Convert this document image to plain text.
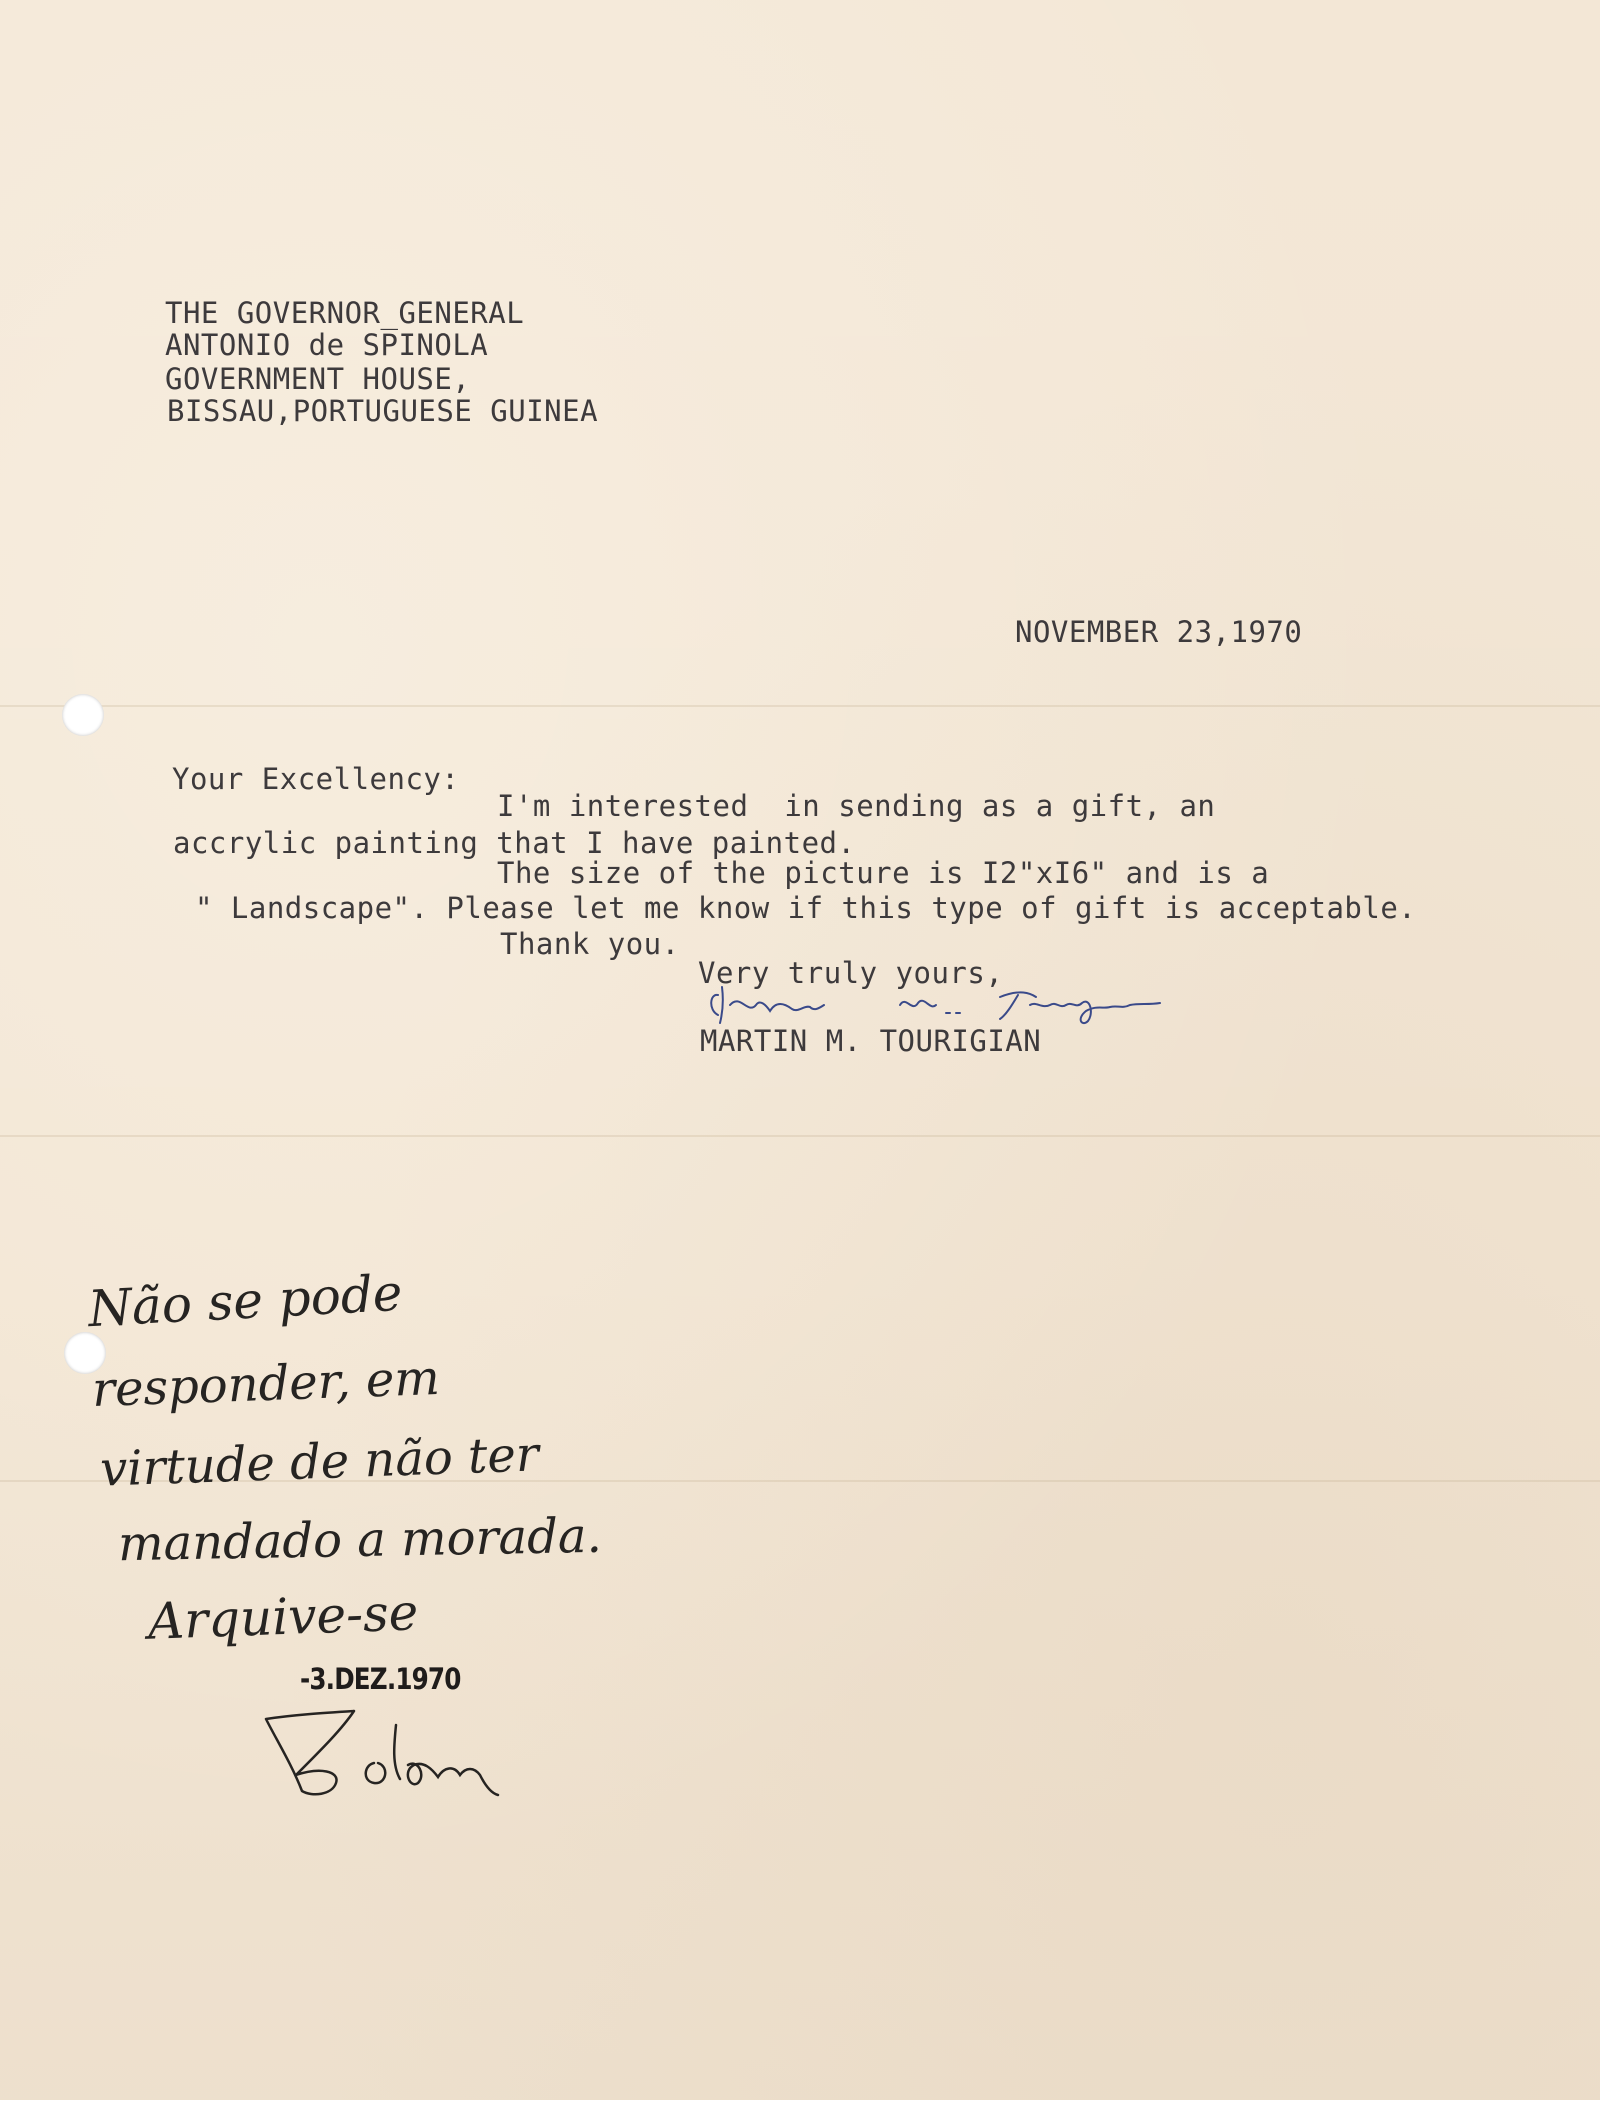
THE GOVERNOR_GENERAL
ANTONIO de SPINOLA
GOVERNMENT HOUSE,
BISSAU,PORTUGUESE GUINEA
NOVEMBER 23,1970
Your Excellency:
I'm interested  in sending as a gift, an
accrylic painting that I have painted.
The size of the picture is I2"xI6" and is a
" Landscape". Please let me know if this type of gift is acceptable.
Thank you.
Very truly yours,
MARTIN M. TOURIGIAN
Não se pode
responder, em
virtude de não ter
mandado a morada.
Arquive-se
-3.DEZ.1970
